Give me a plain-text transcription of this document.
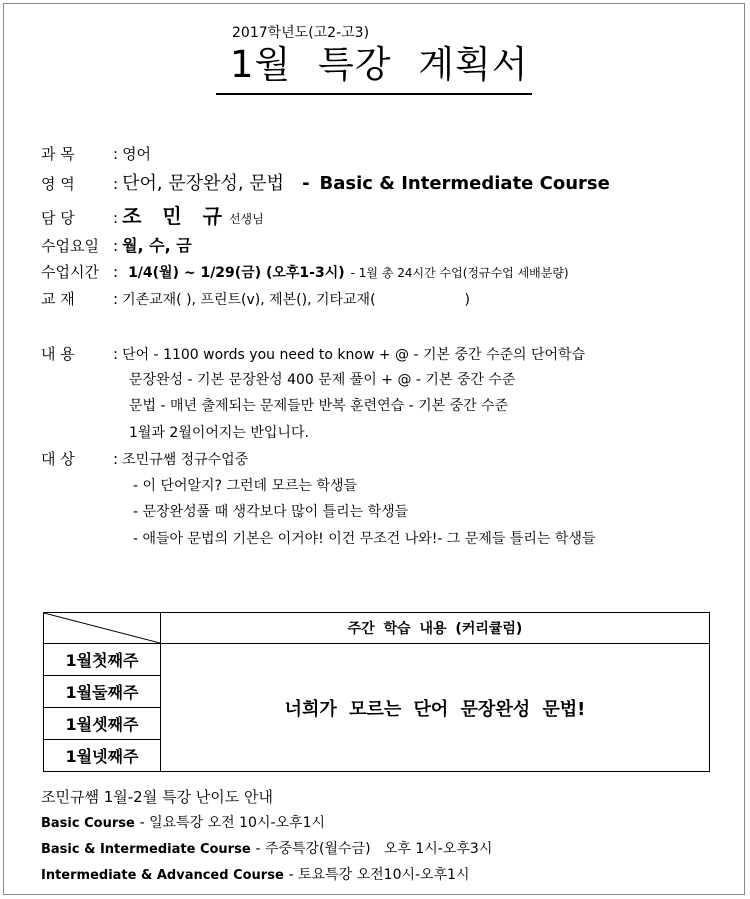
2017학년도(고2-고3)
1월 특강 계획서
과 목	: 영어
영 역	: 단어, 문장완성, 문법 - Basic & Intermediate Course
담 당	: 조 민 규 선생님
수업요일 : 월, 수, 금
수업시간 : 1/4(월) ~ 1/29(금) (오후1-3시) - 1월 총 24시간 수업(정규수업 세배분량)
교 재	: 기존교재( ), 프린트(v), 제본(), 기타교재(                    )
내 용	: 단어 - 1100 words you need to know + @ - 기본 중간 수준의 단어학습
문장완성 - 기본 문장완성 400 문제 풀이 + @ - 기본 중간 수준
문법 - 매년 출제되는 문제들만 반복 훈련연습 - 기본 중간 수준
1월과 2월이어지는 반입니다.
대 상	: 조민규쌤 정규수업중
- 이 단어알지? 그런데 모르는 학생들
- 문장완성풀 때 생각보다 많이 틀리는 학생들
- 애들아 문법의 기본은 이거야! 이건 무조건 나와!- 그 문제들 틀리는 학생들
	주간 학습 내용 (커리큘럼)
1월첫째주	너희가 모르는 단어 문장완성 문법!
1월둘째주	
1월셋째주	
1월넷째주	
조민규쌤 1월-2월 특강 난이도 안내
Basic Course - 일요특강 오전 10시-오후1시
Basic & Intermediate Course - 주중특강(월수금)   오후 1시-오후3시
Intermediate & Advanced Course - 토요특강 오전10시-오후1시
